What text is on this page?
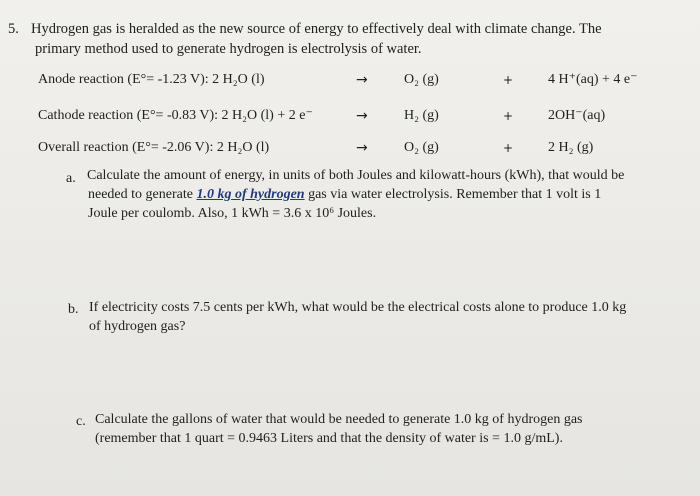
5. Hydrogen gas is heralded as the new source of energy to effectively deal with climate change. The
primary method used to generate hydrogen is electrolysis of water.
Anode reaction (E°= -1.23 V): 2 H₂O (l)	→	O₂ (g)	+ 4 H⁺(aq) + 4 e⁻
Cathode reaction (E°= -0.83 V): 2 H₂O (l) + 2 e⁻	→	H₂ (g)	+ 2OH⁻(aq)
Overall reaction (E°= -2.06 V): 2 H₂O (l)	→	O₂ (g)	+ 2 H₂ (g)
a. Calculate the amount of energy, in units of both Joules and kilowatt-hours (kWh), that would be
needed to generate 1.0 kg of hydrogen gas via water electrolysis. Remember that 1 volt is 1
Joule per coulomb. Also, 1 kWh = 3.6 x 10⁶ Joules.
b. If electricity costs 7.5 cents per kWh, what would be the electrical costs alone to produce 1.0 kg
of hydrogen gas?
c. Calculate the gallons of water that would be needed to generate 1.0 kg of hydrogen gas
(remember that 1 quart = 0.9463 Liters and that the density of water is = 1.0 g/mL).
